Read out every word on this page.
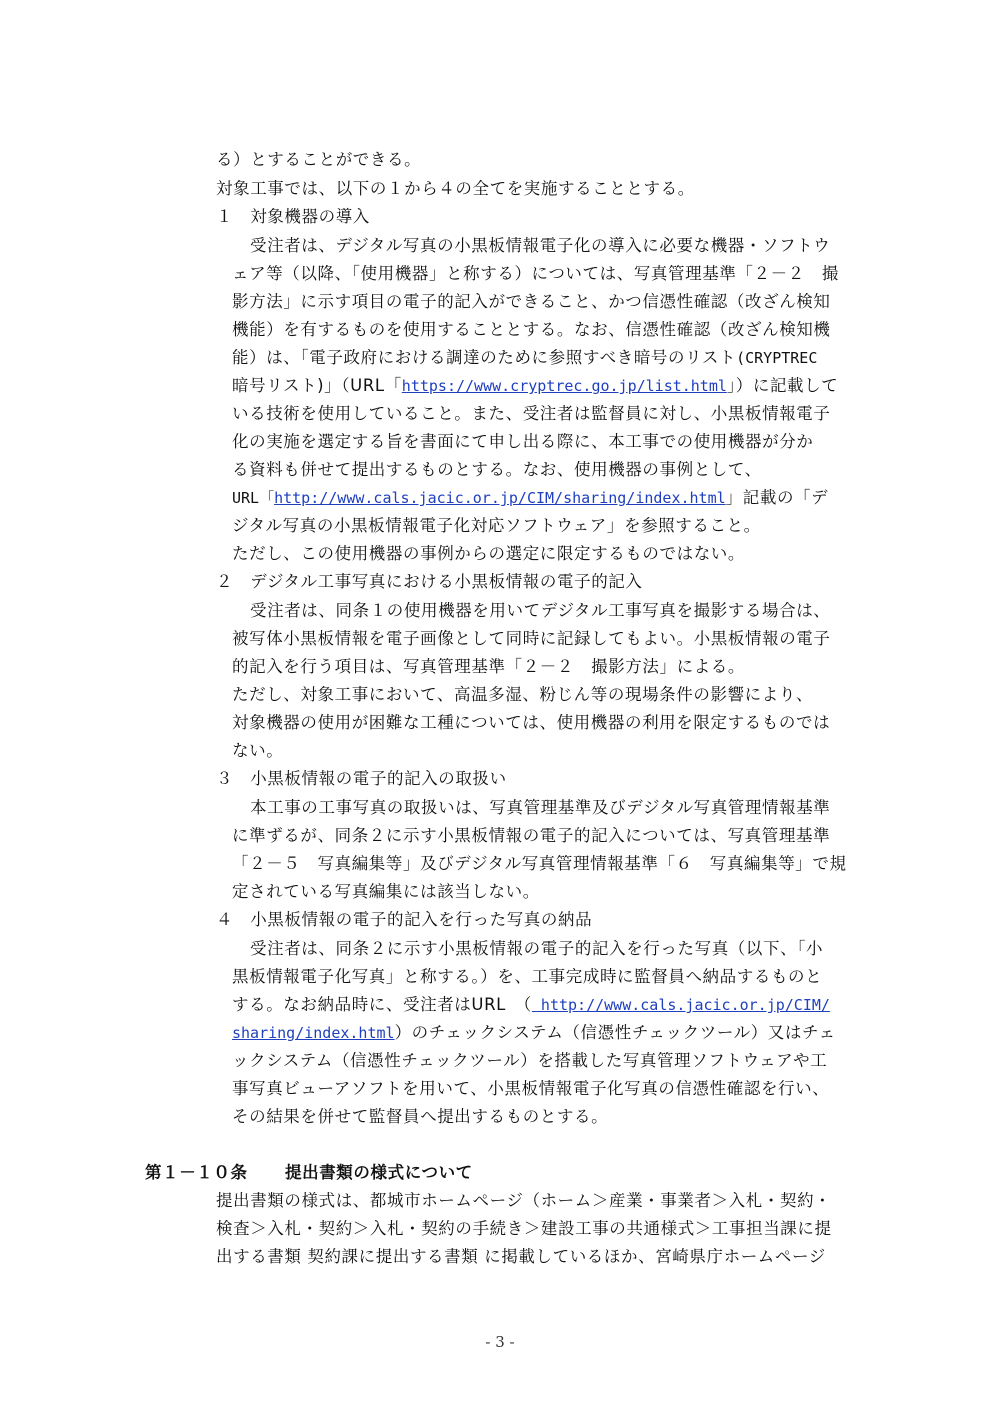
る）とすることができる。
対象工事では、以下の１から４の全てを実施することとする。
１　対象機器の導入
受注者は、デジタル写真の小黒板情報電子化の導入に必要な機器・ソフトウ
ェア等（以降、「使用機器」と称する）については、写真管理基準「２－２　撮
影方法」に示す項目の電子的記入ができること、かつ信憑性確認（改ざん検知
機能）を有するものを使用することとする。なお、信憑性確認（改ざん検知機
能）は、「電子政府における調達のために参照すべき暗号のリスト(CRYPTREC
暗号リスト)」（URL「https://www.cryptrec.go.jp/list.html」）に記載して
いる技術を使用していること。また、受注者は監督員に対し、小黒板情報電子
化の実施を選定する旨を書面にて申し出る際に、本工事での使用機器が分か
る資料も併せて提出するものとする。なお、使用機器の事例として、
URL「http://www.cals.jacic.or.jp/CIM/sharing/index.html」記載の「デ
ジタル写真の小黒板情報電子化対応ソフトウェア」を参照すること。
ただし、この使用機器の事例からの選定に限定するものではない。
２　デジタル工事写真における小黒板情報の電子的記入
受注者は、同条１の使用機器を用いてデジタル工事写真を撮影する場合は、
被写体小黒板情報を電子画像として同時に記録してもよい。小黒板情報の電子
的記入を行う項目は、写真管理基準「２－２　撮影方法」による。
ただし、対象工事において、高温多湿、粉じん等の現場条件の影響により、
対象機器の使用が困難な工種については、使用機器の利用を限定するものでは
ない。
３　小黒板情報の電子的記入の取扱い
本工事の工事写真の取扱いは、写真管理基準及びデジタル写真管理情報基準
に準ずるが、同条２に示す小黒板情報の電子的記入については、写真管理基準
「２－５　写真編集等」及びデジタル写真管理情報基準「６　写真編集等」で規
定されている写真編集には該当しない。
４　小黒板情報の電子的記入を行った写真の納品
受注者は、同条２に示す小黒板情報の電子的記入を行った写真（以下、「小
黒板情報電子化写真」と称する。）を、工事完成時に監督員へ納品するものと
する。なお納品時に、受注者はURL　（ http://www.cals.jacic.or.jp/CIM/
sharing/index.html）のチェックシステム（信憑性チェックツール）又はチェ
ックシステム（信憑性チェックツール）を搭載した写真管理ソフトウェアや工
事写真ビューアソフトを用いて、小黒板情報電子化写真の信憑性確認を行い、
その結果を併せて監督員へ提出するものとする。
第１－１０条 提出書類の様式について
提出書類の様式は、都城市ホームページ（ホーム＞産業・事業者＞入札・契約・
検査＞入札・契約＞入札・契約の手続き＞建設工事の共通様式＞工事担当課に提
出する書類 契約課に提出する書類 に掲載しているほか、宮崎県庁ホームページ
- 3 -
